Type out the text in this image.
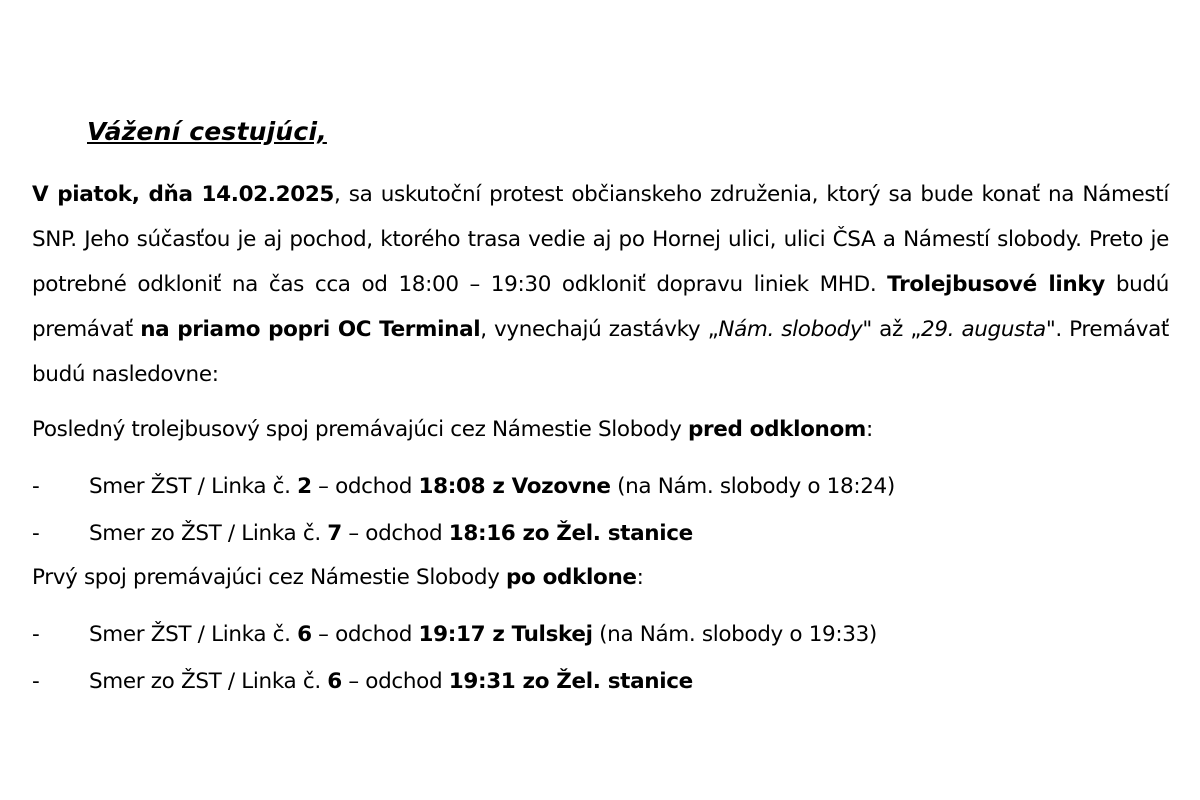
Vážení cestujúci,

V piatok, dňa 14.02.2025, sa uskutoční protest občianskeho združenia, ktorý sa bude konať na Námestí SNP. Jeho súčasťou je aj pochod, ktorého trasa vedie aj po Hornej ulici, ulici ČSA a Námestí slobody. Preto je potrebné odkloniť na čas cca od 18:00 – 19:30 odkloniť dopravu liniek MHD. Trolejbusové linky budú premávať na priamo popri OC Terminal, vynechajú zastávky „Nám. slobody" až „29. augusta". Premávať budú nasledovne:

Posledný trolejbusový spoj premávajúci cez Námestie Slobody pred odklonom:
- Smer ŽST / Linka č. 2 – odchod 18:08 z Vozovne (na Nám. slobody o 18:24)
- Smer zo ŽST / Linka č. 7 – odchod 18:16 zo Žel. stanice
Prvý spoj premávajúci cez Námestie Slobody po odklone:
- Smer ŽST / Linka č. 6 – odchod 19:17 z Tulskej (na Nám. slobody o 19:33)
- Smer zo ŽST / Linka č. 6 – odchod 19:31 zo Žel. stanice
